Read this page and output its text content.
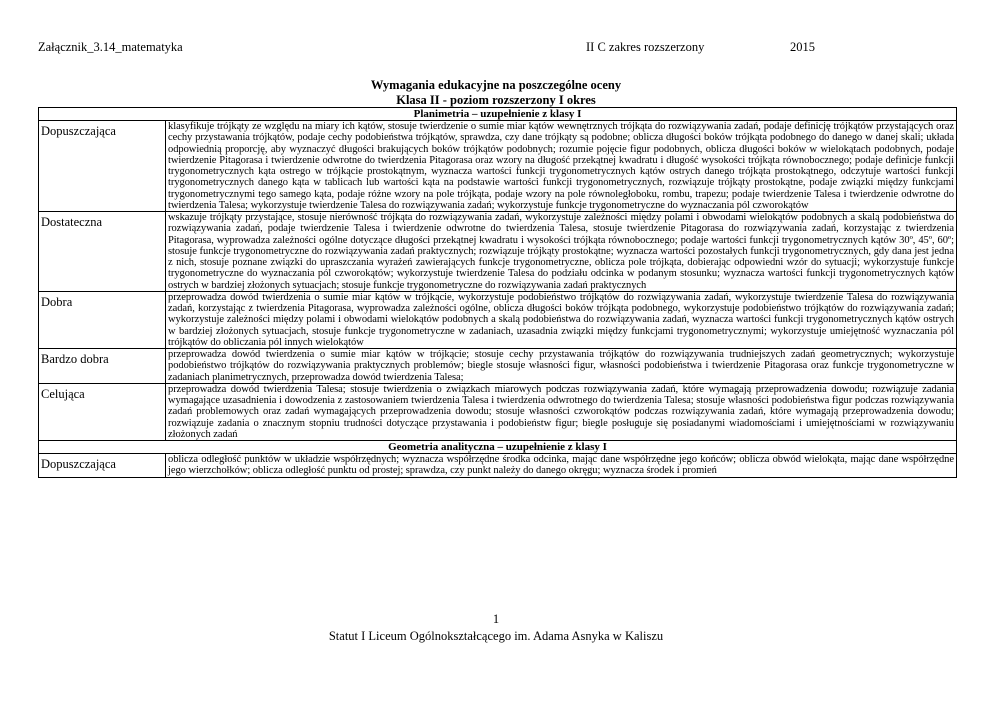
Załącznik_3.14_matematyka	II C zakres rozszerzony	2015
Wymagania edukacyjne na poszczególne oceny
Klasa II - poziom rozszerzony I okres
Planimetria – uzupełnienie z klasy I	
Dopuszczająca	klasyfikuje trójkąty ze względu na miary ich kątów, stosuje twierdzenie o sumie miar kątów wewnętrznych trójkąta do rozwiązywania zadań, podaje definicję trójkątów przystających oraz cechy przystawania trójkątów, podaje cechy podobieństwa trójkątów, sprawdza, czy dane trójkąty są podobne; oblicza długości boków trójkąta podobnego do danego w danej skali; układa odpowiednią proporcję, aby wyznaczyć długości brakujących boków trójkątów podobnych; rozumie pojęcie figur podobnych, oblicza długości boków w wielokątach podobnych, podaje twierdzenie Pitagorasa i twierdzenie odwrotne do twierdzenia Pitagorasa oraz wzory na długość przekątnej kwadratu i długość wysokości trójkąta równobocznego; podaje definicje funkcji trygonometrycznych kąta ostrego w trójkącie prostokątnym, wyznacza wartości funkcji trygonometrycznych kątów ostrych danego trójkąta prostokątnego, odczytuje wartości funkcji trygonometrycznych danego kąta w tablicach lub wartości kąta na podstawie wartości funkcji trygonometrycznych, rozwiązuje trójkąty prostokątne, podaje związki między funkcjami trygonometrycznymi tego samego kąta, podaje różne wzory na pole trójkąta, podaje wzory na pole równoległoboku, rombu, trapezu; podaje twierdzenie Talesa i twierdzenie odwrotne do twierdzenia Talesa; wykorzystuje twierdzenie Talesa do rozwiązywania zadań; wykorzystuje funkcje trygonometryczne do wyznaczania pól czworokątów
Dostateczna	wskazuje trójkąty przystające, stosuje nierówność trójkąta do rozwiązywania zadań, wykorzystuje zależności między polami i obwodami wielokątów podobnych a skalą podobieństwa do rozwiązywania zadań, podaje twierdzenie Talesa i twierdzenie odwrotne do twierdzenia Talesa, stosuje twierdzenie Pitagorasa do rozwiązywania zadań, korzystając z twierdzenia Pitagorasa, wyprowadza zależności ogólne dotyczące długości przekątnej kwadratu i wysokości trójkąta równobocznego; podaje wartości funkcji trygonometrycznych kątów 30º, 45º, 60º; stosuje funkcje trygonometryczne do rozwiązywania zadań praktycznych; rozwiązuje trójkąty prostokątne; wyznacza wartości pozostałych funkcji trygonometrycznych, gdy dana jest jedna z nich, stosuje poznane związki do upraszczania wyrażeń zawierających funkcje trygonometryczne, oblicza pole trójkąta, dobierając odpowiedni wzór do sytuacji; wykorzystuje funkcje trygonometryczne do wyznaczania pól czworokątów; wykorzystuje twierdzenie Talesa do podziału odcinka w podanym stosunku; wyznacza wartości funkcji trygonometrycznych kątów ostrych w bardziej złożonych sytuacjach; stosuje funkcje trygonometryczne do rozwiązywania zadań praktycznych
Dobra	przeprowadza dowód twierdzenia o sumie miar kątów w trójkącie, wykorzystuje podobieństwo trójkątów do rozwiązywania zadań, wykorzystuje twierdzenie Talesa do rozwiązywania zadań, korzystając z twierdzenia Pitagorasa, wyprowadza zależności ogólne, oblicza długości boków trójkąta podobnego, wykorzystuje podobieństwo trójkątów do rozwiązywania zadań; wykorzystuje zależności między polami i obwodami wielokątów podobnych a skalą podobieństwa do rozwiązywania zadań, wyznacza wartości funkcji trygonometrycznych kątów ostrych w bardziej złożonych sytuacjach, stosuje funkcje trygonometryczne w zadaniach, uzasadnia związki między funkcjami trygonometrycznymi; wykorzystuje umiejętność wyznaczania pól trójkątów do obliczania pól innych wielokątów
Bardzo dobra	przeprowadza dowód twierdzenia o sumie miar kątów w trójkącie; stosuje cechy przystawania trójkątów do rozwiązywania trudniejszych zadań geometrycznych; wykorzystuje podobieństwo trójkątów do rozwiązywania praktycznych problemów; biegle stosuje własności figur, własności podobieństwa i twierdzenie Pitagorasa oraz funkcje trygonometryczne w zadaniach planimetrycznych, przeprowadza dowód twierdzenia Talesa;
Celująca	przeprowadza dowód twierdzenia Talesa; stosuje twierdzenia o związkach miarowych podczas rozwiązywania zadań, które wymagają przeprowadzenia dowodu; rozwiązuje zadania wymagające uzasadnienia i dowodzenia z zastosowaniem twierdzenia Talesa i twierdzenia odwrotnego do twierdzenia Talesa; stosuje własności podobieństwa figur podczas rozwiązywania zadań problemowych oraz zadań wymagających przeprowadzenia dowodu; stosuje własności czworokątów podczas rozwiązywania zadań, które wymagają przeprowadzenia dowodu; rozwiązuje zadania o znacznym stopniu trudności dotyczące przystawania i podobieństw figur; biegle posługuje się posiadanymi wiadomościami i umiejętnościami w rozwiązywaniu złożonych zadań
Geometria analityczna – uzupełnienie z klasy I	
Dopuszczająca	oblicza odległość punktów w układzie współrzędnych; wyznacza współrzędne środka odcinka, mając dane współrzędne jego końców; oblicza obwód wielokąta, mając dane współrzędne jego wierzchołków; oblicza odległość punktu od prostej; sprawdza, czy punkt należy do danego okręgu; wyznacza środek i promień
1
Statut I Liceum Ogólnokształcącego im. Adama Asnyka w Kaliszu
